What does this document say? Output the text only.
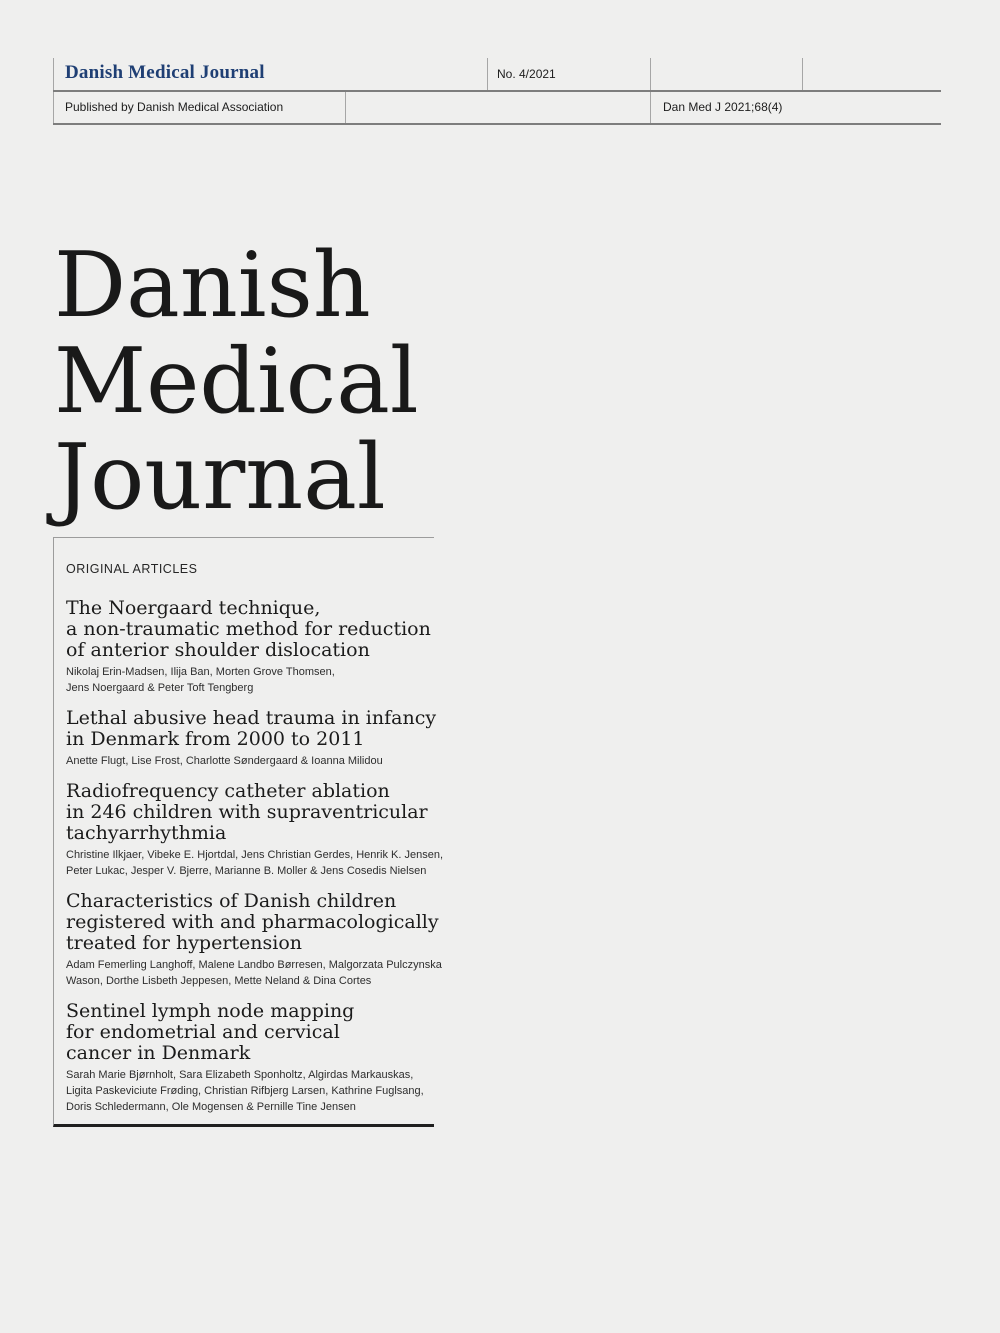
Danish Medical Journal	No. 4/2021
Published by Danish Medical Association	Dan Med J 2021;68(4)
Danish
Medical
Journal
ORIGINAL ARTICLES
The Noergaard technique,
a non-traumatic method for reduction
of anterior shoulder dislocation
Nikolaj Erin-Madsen, Ilija Ban, Morten Grove Thomsen,
Jens Noergaard & Peter Toft Tengberg
Lethal abusive head trauma in infancy
in Denmark from 2000 to 2011
Anette Flugt, Lise Frost, Charlotte Søndergaard & Ioanna Milidou
Radiofrequency catheter ablation
in 246 children with supraventricular
tachyarrhythmia
Christine Ilkjaer, Vibeke E. Hjortdal, Jens Christian Gerdes, Henrik K. Jensen,
Peter Lukac, Jesper V. Bjerre, Marianne B. Moller & Jens Cosedis Nielsen
Characteristics of Danish children
registered with and pharmacologically
treated for hypertension
Adam Femerling Langhoff, Malene Landbo Børresen, Malgorzata Pulczynska
Wason, Dorthe Lisbeth Jeppesen, Mette Neland & Dina Cortes
Sentinel lymph node mapping
for endometrial and cervical
cancer in Denmark
Sarah Marie Bjørnholt, Sara Elizabeth Sponholtz, Algirdas Markauskas,
Ligita Paskeviciute Frøding, Christian Rifbjerg Larsen, Kathrine Fuglsang,
Doris Schledermann, Ole Mogensen & Pernille Tine Jensen
